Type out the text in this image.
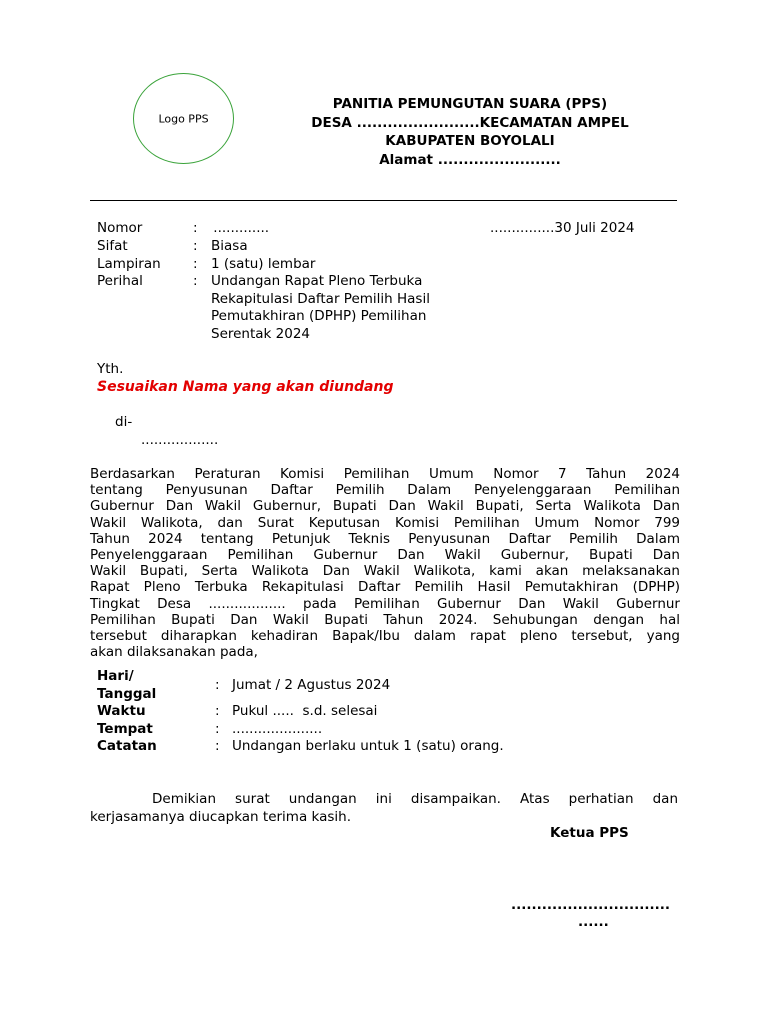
Logo PPS
PANITIA PEMUNGUTAN SUARA (PPS)
DESA ........................KECAMATAN AMPEL
KABUPATEN BOYOLALI
Alamat ........................
Nomor	: .............	...............30 Juli 2024
Sifat	: Biasa
Lampiran : 1 (satu) lembar
Perihal	: Undangan Rapat Pleno Terbuka
Rekapitulasi Daftar Pemilih Hasil
Pemutakhiran (DPHP) Pemilihan
Serentak 2024
Yth.
Sesuaikan Nama yang akan diundang
di-
..................
Berdasarkan Peraturan Komisi Pemilihan Umum Nomor 7 Tahun 2024
tentang Penyusunan Daftar Pemilih Dalam Penyelenggaraan Pemilihan
Gubernur Dan Wakil Gubernur, Bupati Dan Wakil Bupati, Serta Walikota Dan
Wakil Walikota, dan Surat Keputusan Komisi Pemilihan Umum Nomor 799
Tahun 2024 tentang Petunjuk Teknis Penyusunan Daftar Pemilih Dalam
Penyelenggaraan Pemilihan Gubernur Dan Wakil Gubernur, Bupati Dan
Wakil Bupati, Serta Walikota Dan Wakil Walikota, kami akan melaksanakan
Rapat Pleno Terbuka Rekapitulasi Daftar Pemilih Hasil Pemutakhiran (DPHP)
Tingkat Desa .................. pada Pemilihan Gubernur Dan Wakil Gubernur
Pemilihan Bupati Dan Wakil Bupati Tahun 2024. Sehubungan dengan hal
tersebut diharapkan kehadiran Bapak/Ibu dalam rapat pleno tersebut, yang
akan dilaksanakan pada,
Hari/
Tanggal
: Jumat / 2 Agustus 2024
Waktu	: Pukul .....  s.d. selesai
Tempat	: .....................
Catatan	: Undangan berlaku untuk 1 (satu) orang.
Demikian surat undangan ini disampaikan. Atas perhatian dan
kerjasamanya diucapkan terima kasih.
Ketua PPS
...............................
......
